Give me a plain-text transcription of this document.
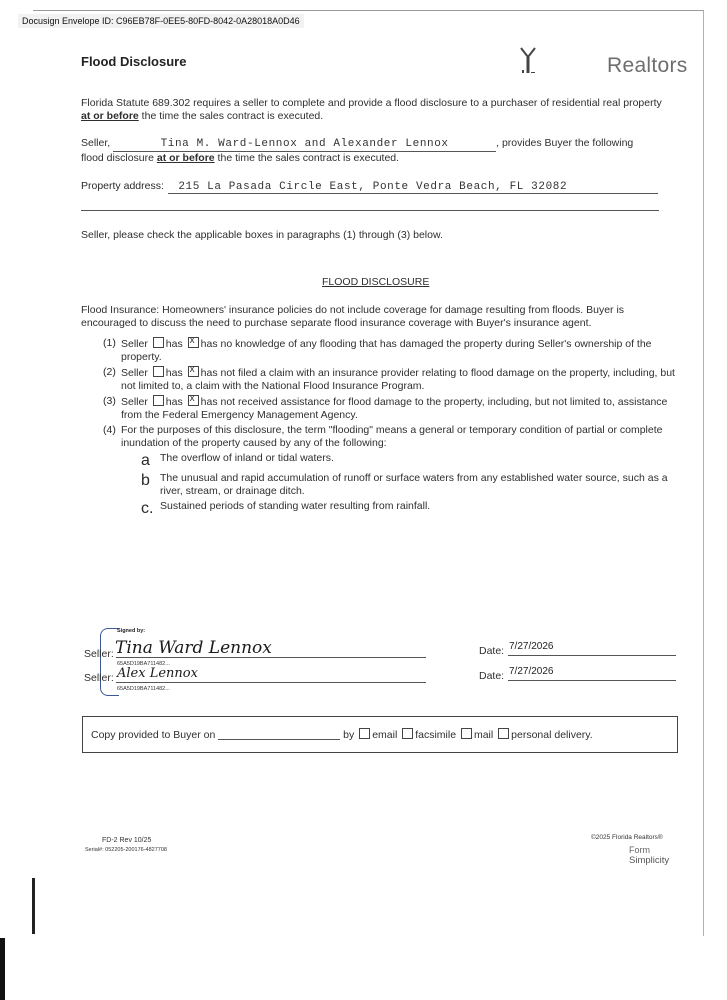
Docusign Envelope ID: C96EB78F-0EE5-80FD-8042-0A28018A0D46
Flood Disclosure	Realtors

Florida Statute 689.302 requires a seller to complete and provide a flood disclosure to a purchaser of residential real property at or before the time the sales contract is executed.

Seller,	Tina M. Ward-Lennox and Alexander Lennox	, provides Buyer the following

flood disclosure at or before the time the sales contract is executed.

Property address: 215 La Pasada Circle East, Ponte Vedra Beach, FL 32082

Seller, please check the applicable boxes in paragraphs (1) through (3) below.

FLOOD DISCLOSURE

Flood Insurance: Homeowners' insurance policies do not include coverage for damage resulting from floods. Buyer is encouraged to discuss the need to purchase separate flood insurance coverage with Buyer's insurance agent.

(1) Seller has x has no knowledge of any flooding that has damaged the property during Seller's ownership of the property.

(2) Seller has x has not filed a claim with an insurance provider relating to flood damage on the property, including, but not limited to, a claim with the National Flood Insurance Program.

(3) Seller has x has not received assistance for flood damage to the property, including, but not limited to, assistance from the Federal Emergency Management Agency.

(4) For the purposes of this disclosure, the term "flooding" means a general or temporary condition of partial or complete inundation of the property caused by any of the following:

a The overflow of inland or tidal waters.

b The unusual and rapid accumulation of runoff or surface waters from any established water source, such as a river, stream, or drainage ditch.

c. Sustained periods of standing water resulting from rainfall.

Signed by:
Seller: Tina Ward Lennox
65A5D19BA711482...
Seller: Alex Lennox
65A5D19BA711482...
Date: 7/27/2026
Date: 7/27/2026
Copy provided to Buyer on	by email facsimile mail personal delivery.
FD-2 Rev 10/25
Serial#: 052205-200176-4827708
©2025 Florida Realtors®
Form
Simplicity
